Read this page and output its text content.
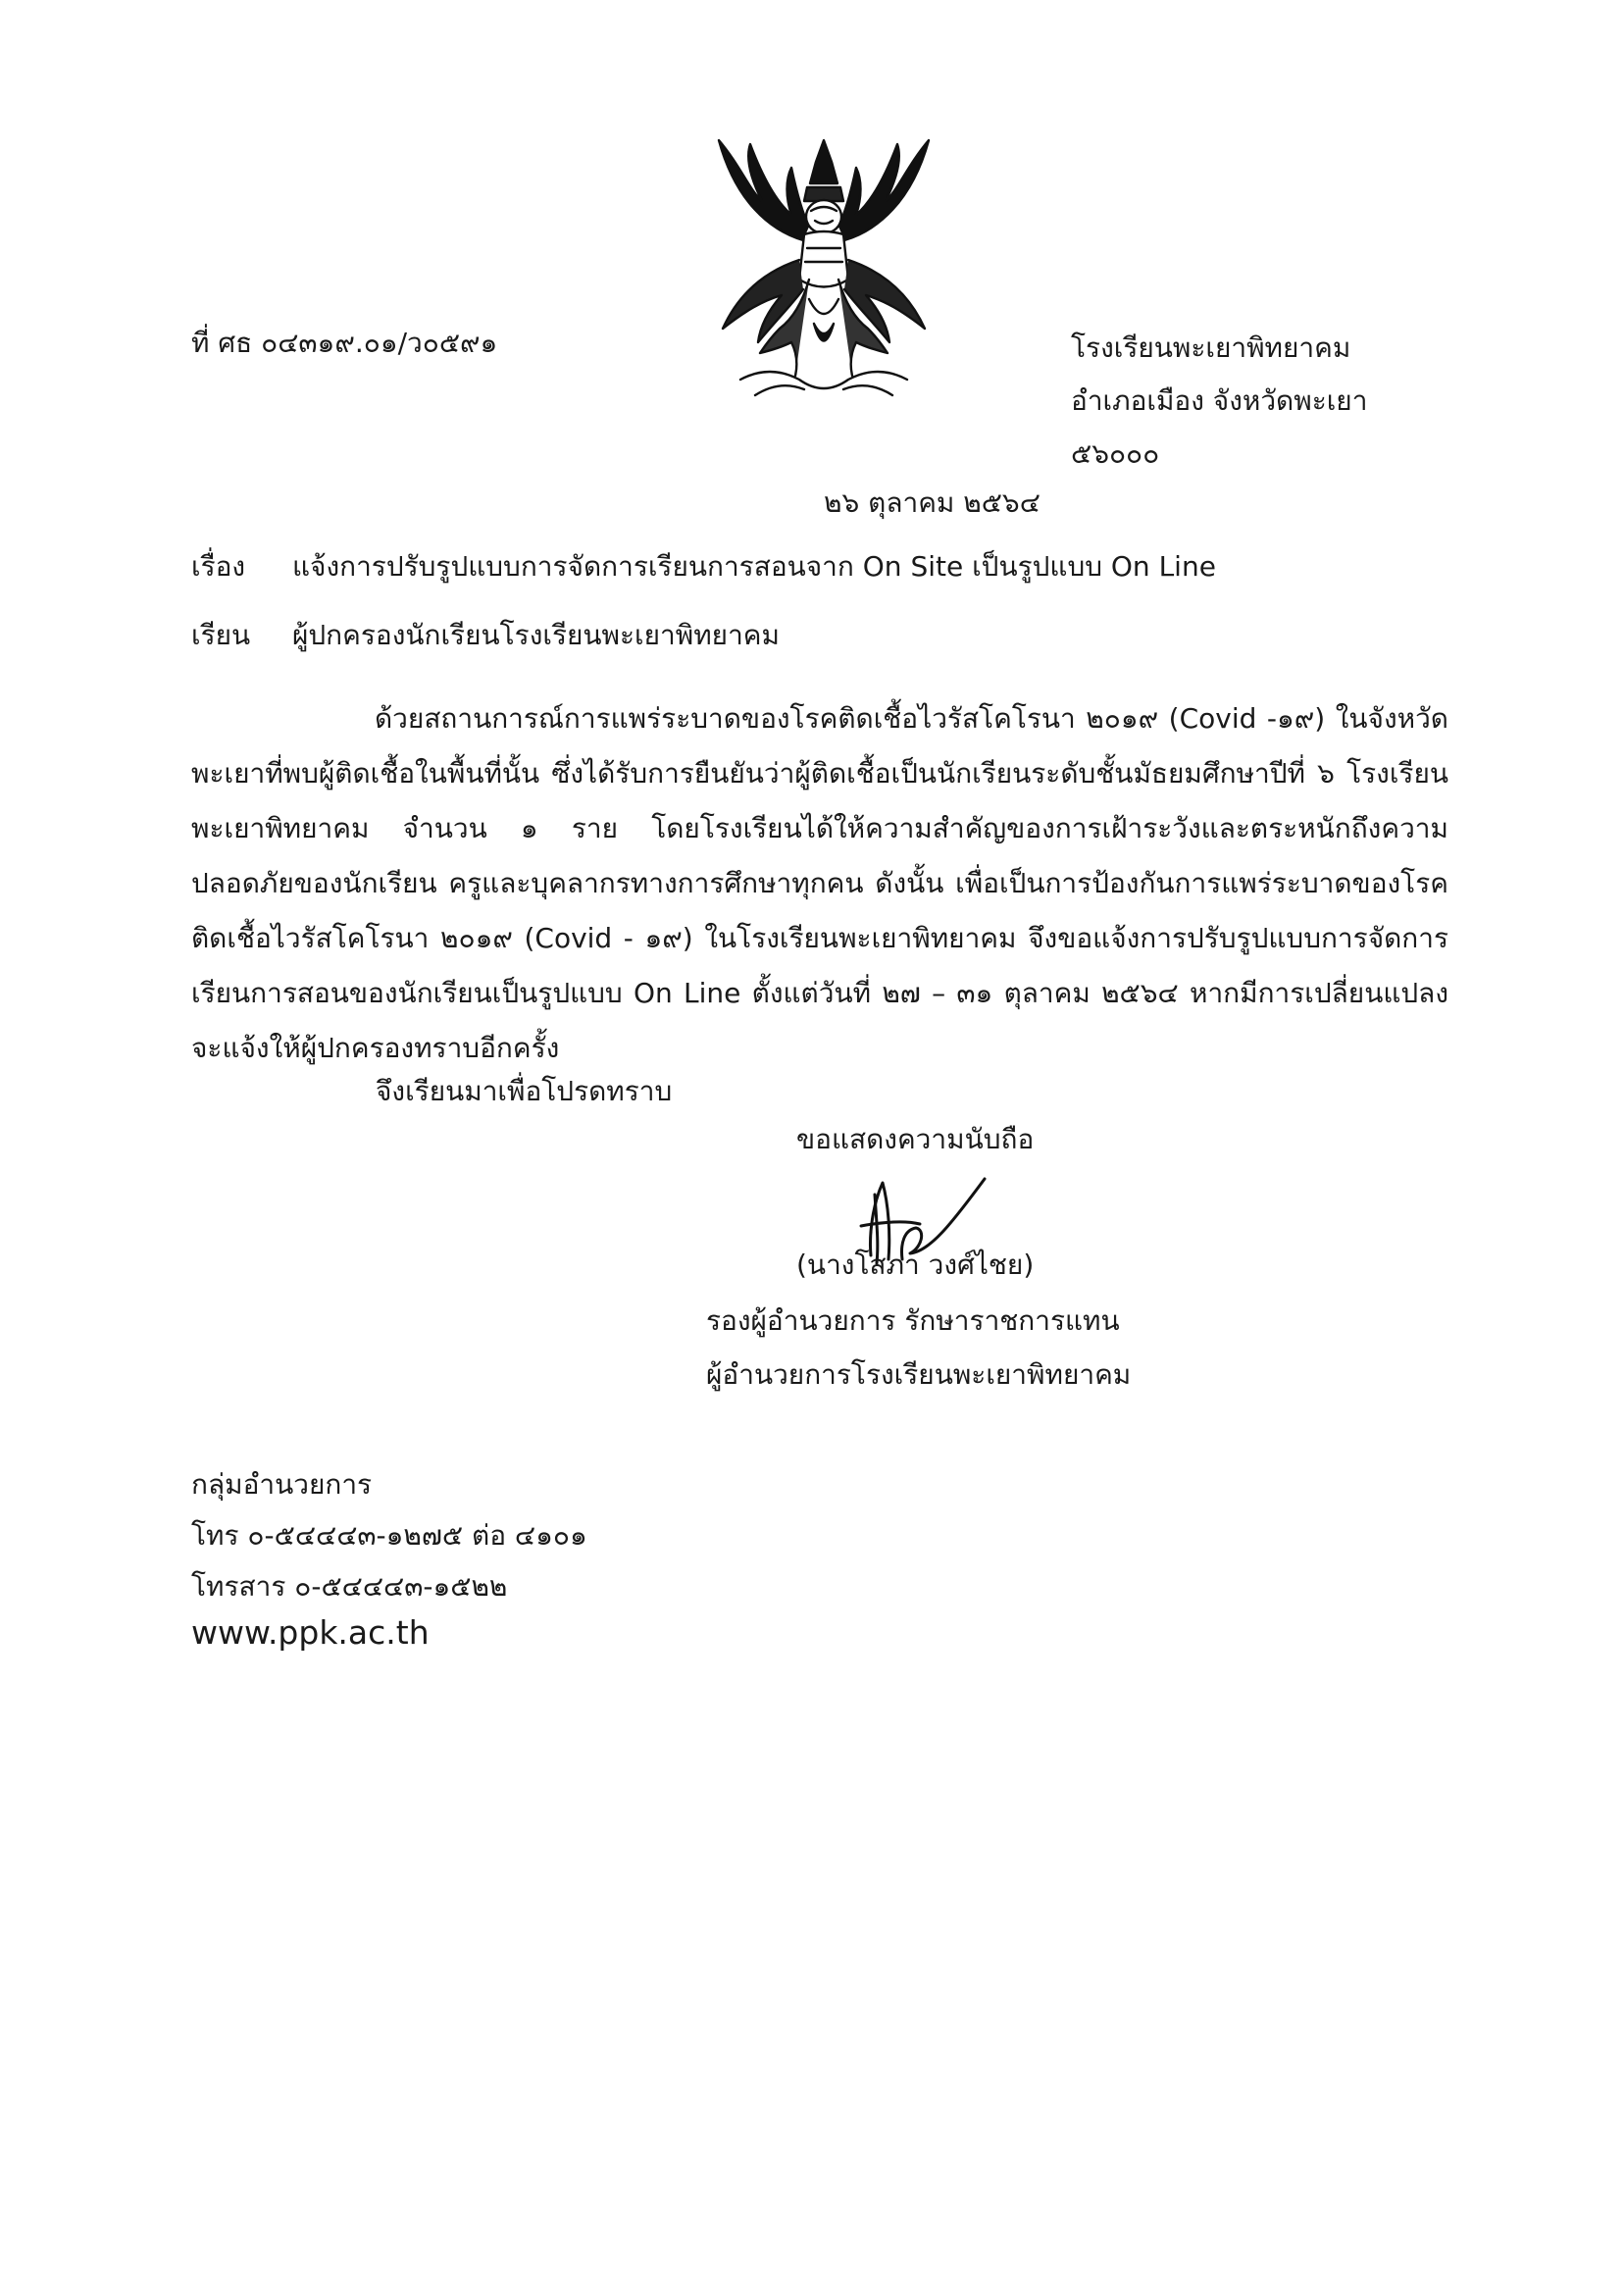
ที่ ศธ ๐๔๓๑๙.๐๑/ว๐๕๙๑	โรงเรียนพะเยาพิทยาคม
อำเภอเมือง จังหวัดพะเยา
๕๖๐๐๐
๒๖ ตุลาคม ๒๕๖๔
เรื่อง แจ้งการปรับรูปแบบการจัดการเรียนการสอนจาก On Site เป็นรูปแบบ On Line
เรียน ผู้ปกครองนักเรียนโรงเรียนพะเยาพิทยาคม
ด้วยสถานการณ์การแพร่ระบาดของโรคติดเชื้อไวรัสโคโรนา ๒๐๑๙ (Covid -๑๙) ในจังหวัดพะเยาที่พบผู้ติดเชื้อในพื้นที่นั้น ซึ่งได้รับการยืนยันว่าผู้ติดเชื้อเป็นนักเรียนระดับชั้นมัธยมศึกษาปีที่ ๖ โรงเรียนพะเยาพิทยาคม จำนวน ๑ ราย โดยโรงเรียนได้ให้ความสำคัญของการเฝ้าระวังและตระหนักถึงความปลอดภัยของนักเรียน ครูและบุคลากรทางการศึกษาทุกคน ดังนั้น เพื่อเป็นการป้องกันการแพร่ระบาดของโรคติดเชื้อไวรัสโคโรนา ๒๐๑๙ (Covid - ๑๙) ในโรงเรียนพะเยาพิทยาคม จึงขอแจ้งการปรับรูปแบบการจัดการเรียนการสอนของนักเรียนเป็นรูปแบบ On Line ตั้งแต่วันที่ ๒๗ – ๓๑ ตุลาคม ๒๕๖๔ หากมีการเปลี่ยนแปลงจะแจ้งให้ผู้ปกครองทราบอีกครั้ง
จึงเรียนมาเพื่อโปรดทราบ
ขอแสดงความนับถือ
(นางโสภา วงศ์ไชย)
รองผู้อำนวยการ รักษาราชการแทน
ผู้อำนวยการโรงเรียนพะเยาพิทยาคม
กลุ่มอำนวยการ
โทร ๐-๕๔๔๔๓-๑๒๗๕ ต่อ ๔๑๐๑
โทรสาร ๐-๕๔๔๔๓-๑๕๒๒
www.ppk.ac.th
